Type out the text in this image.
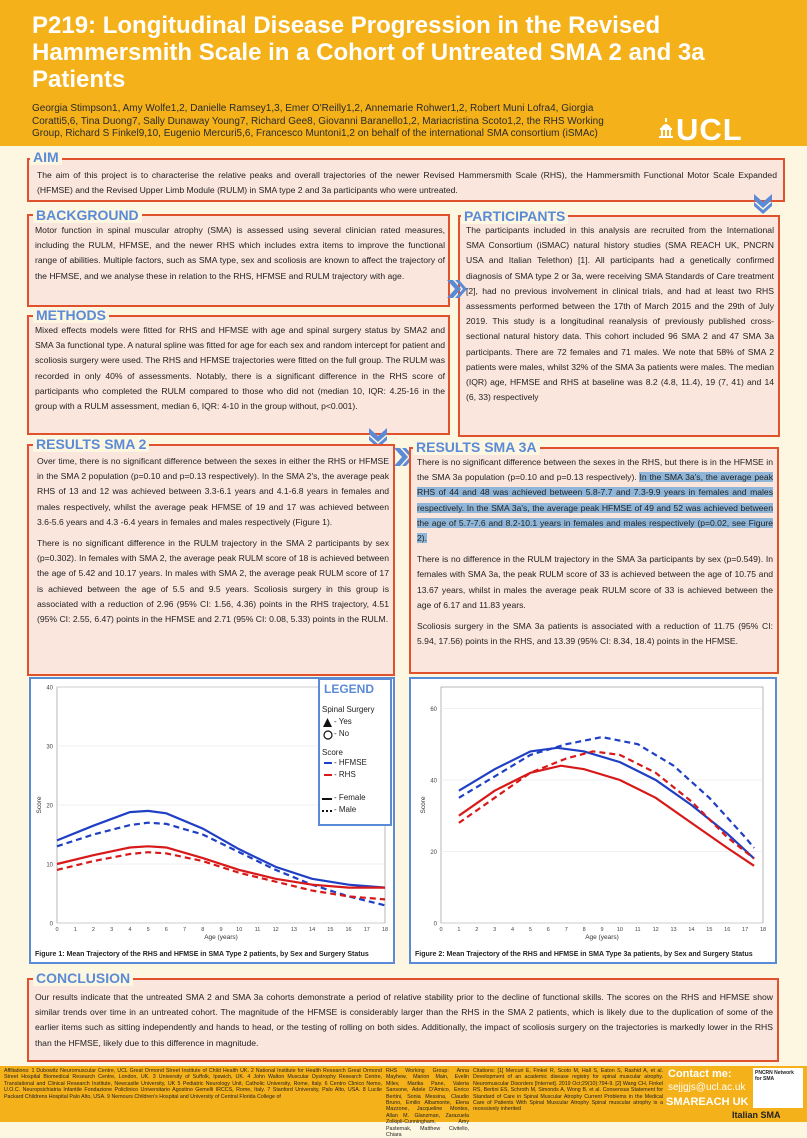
P219: Longitudinal Disease Progression in the Revised Hammersmith Scale in a Cohort of Untreated SMA 2 and 3a Patients
Georgia Stimpson1, Amy Wolfe1,2, Danielle Ramsey1,3, Emer O'Reilly1,2, Annemarie Rohwer1,2, Robert Muni Lofra4, Giorgia Coratti5,6, Tina Duong7, Sally Dunaway Young7, Richard Gee8, Giovanni Baranello1,2, Mariacristina Scoto1,2, the RHS Working Group, Richard S Finkel9,10, Eugenio Mercuri5,6, Francesco Muntoni1,2 on behalf of the international SMA consortium (iSMAc)	UCL
The aim of this project is to characterise the relative peaks and overall trajectories of the newer Revised Hammersmith Scale (RHS), the Hammersmith Functional Motor Scale Expanded (HFMSE) and the Revised Upper Limb Module (RULM) in SMA type 2 and 3a participants who were untreated.
AIM
Motor function in spinal muscular atrophy (SMA) is assessed using several clinician rated measures, including the RULM, HFMSE, and the newer RHS which includes extra items to improve the functional range of abilities. Multiple factors, such as SMA type, sex and scoliosis are known to affect the trajectory of the HFMSE, and we analyse these in relation to the RHS, HFMSE and RULM trajectory with age.
BACKGROUND
Mixed effects models were fitted for RHS and HFMSE with age and spinal surgery status by SMA2 and SMA 3a functional type. A natural spline was fitted for age for each sex and random intercept for patient and scoliosis surgery were used. The RHS and HFMSE trajectories were fitted on the full group. The RULM was recorded in only 40% of assessments. Notably, there is a significant difference in the RHS score of participants who completed the RULM compared to those who did not (median 10, IQR: 4.25-16 in the group with a RULM assessment, median 6, IQR: 4-10 in the group without, p<0.001).
METHODS
The participants included in this analysis are recruited from the International SMA Consortium (iSMAC) natural history studies (SMA REACH UK, PNCRN USA and Italian Telethon) [1]. All participants had a genetically confirmed diagnosis of SMA type 2 or 3a, were receiving SMA Standards of Care treatment [2], had no previous involvement in clinical trials, and had at least two RHS assessments performed between the 17th of March 2015 and the 29th of July 2019. This study is a longitudinal reanalysis of previously published cross-sectional natural history data. This cohort included 96 SMA 2 and 47 SMA 3a participants. There are 72 females and 71 males. We note that 58% of SMA 2 patients were males, whilst 32% of the SMA 3a patients were males. The median (IQR) age, HFMSE and RHS at baseline was 8.2 (4.8, 11.4), 19 (7, 41) and 14 (6, 33) respectively
PARTICIPANTS

Over time, there is no significant difference between the sexes in either the RHS or HFMSE in the SMA 2 population (p=0.10 and p=0.13 respectively). In the SMA 2's, the average peak RHS of 13 and 12 was achieved between 3.3-6.1 years and 4.1-6.8 years in females and males respectively, whilst the average peak HFMSE of 19 and 17 was achieved between 3.6-5.6 years and 4.3 -6.4 years in females and males respectively (Figure 1).

There is no significant difference in the RULM trajectory in the SMA 2 participants by sex (p=0.302). In females with SMA 2, the average peak RULM score of 18 is achieved between the age of 5.42 and 10.17 years. In males with SMA 2, the average peak RULM score of 17 is achieved between the age of 5.5 and 9.5 years. Scoliosis surgery in this group is associated with a reduction of 2.96 (95% CI: 1.56, 4.36) points in the RHS trajectory, 4.51 (95% CI: 2.55, 6.47) points in the HFMSE and 2.71 (95% CI: 0.08, 5.33) points in the RULM.

RESULTS SMA 2

There is no significant difference between the sexes in the RHS, but there is in the HFMSE in the SMA 3a population (p=0.10 and p=0.13 respectively). In the SMA 3a's, the average peak RHS of 44 and 48 was achieved between 5.8-7.7 and 7.3-9.9 years in females and males respectively. In the SMA 3a's, the average peak HFMSE of 49 and 52 was achieved between the age of 5.7-7.6 and 8.2-10.1 years in females and males respectively (p=0.02, see Figure 2).

There is no difference in the RULM trajectory in the SMA 3a participants by sex (p=0.549). In females with SMA 3a, the peak RULM score of 33 is achieved between the age of 10.75 and 13.67 years, whilst in males the average peak RULM score of 33 is achieved between the age of 6.17 and 11.83 years.

Scoliosis surgery in the SMA 3a patients is associated with a reduction of 11.75 (95% CI: 5.94, 17.56) points in the RHS, and 13.39 (95% CI: 8.34, 18.4) points in the HFMSE.

RESULTS SMA 3A
0
10
20
30
40
0	1	2	3	4	5	6	7	8	9 10 11 12 13 14 15 16 17 18
Age (years)
Score
Figure 1: Mean Trajectory of the RHS and HFMSE in SMA Type 2 patients, by Sex and Surgery Status
LEGEND
Spinal Surgery
- Yes
- No
Score
- HFMSE
- RHS
- Female
- Male
0
20
40
60
0	1	2	3	4	5	6	7	8	9 10 11 12 13 14 15 16 17 18
Age (years)
Score
Figure 2: Mean Trajectory of the RHS and HFMSE in SMA Type 3a patients, by Sex and Surgery Status
Our results indicate that the untreated SMA 2 and SMA 3a cohorts demonstrate a period of relative stability prior to the decline of functional skills. The scores on the RHS and HFMSE show similar trends over time in an untreated cohort. The magnitude of the HFMSE is considerably larger than the RHS in the SMA 2 patients, which is likely due to the duplication of some of the earlier items such as sitting independently and hands to head, or the testing of rolling on both sides. Additionally, the impact of scoliosis surgery on the trajectories is markedly lower in the RHS than the HFMSE, likely due to this difference in magnitude.
CONCLUSION
Affiliations: 1 Dubowitz Neuromuscular Centre, UCL Great Ormond Street Institute of Child Health UK. 2 National Institute for Health Research Great Ormond Street Hospital Biomedical Research Centre, London, UK. 3 University of Suffolk, Ipswich, UK. 4 John Walton Muscular Dystrophy Research Centre, Translational and Clinical Research Institute, Newcastle University, UK 5 Pediatric Neurology Unit, Catholic University, Rome, Italy. 6 Centro Clinico Nemo, U.O.C. Neuropsichiatria Infantile Fondazione Policlinico Universitario Agostino Gemelli IRCCS, Rome, Italy. 7 Stanford University, Palo Alto, USA. 8 Lucile Packard Childrens Hospital Palo Alto, USA. 9 Nemours Children's Hospital and University of Central Florida College of
RHS Working Group: Anna Mayhew, Marion Main, Evelin Milev, Marika Pane, Valeria Sansone, Adele D'Amico, Enrico Bertini, Sonia Messina, Claudio Bruno, Emilio Albamonte, Elena Mazzone, Jacqueline Montes, Allan M. Glanzman, Zarazuela Zolkipli-Cunningham, Amy Pasternak, Matthew Civitello, Chiara
Citations: [1] Mercuri E, Finkel R, Scoto M, Hall S, Eaton S, Rashid A, et al. Development of an academic disease registry for spinal muscular atrophy. Neuromuscular Disorders [Internet]. 2019 Oct;29(10):794-9. [2] Wang CH, Finkel RS, Bertini ES, Schroth M, Simonds A, Wong B, et al. Consensus Statement for Standard of Care in Spinal Muscular Atrophy Current Problems in the Medical Care of Patients With Spinal Muscular Atrophy Spinal muscular atrophy is a recessively inherited
Contact me:
sejjgjs@ucl.ac.uk
SMAREACH UK
PNCRN Network for SMA
Italian SMA
